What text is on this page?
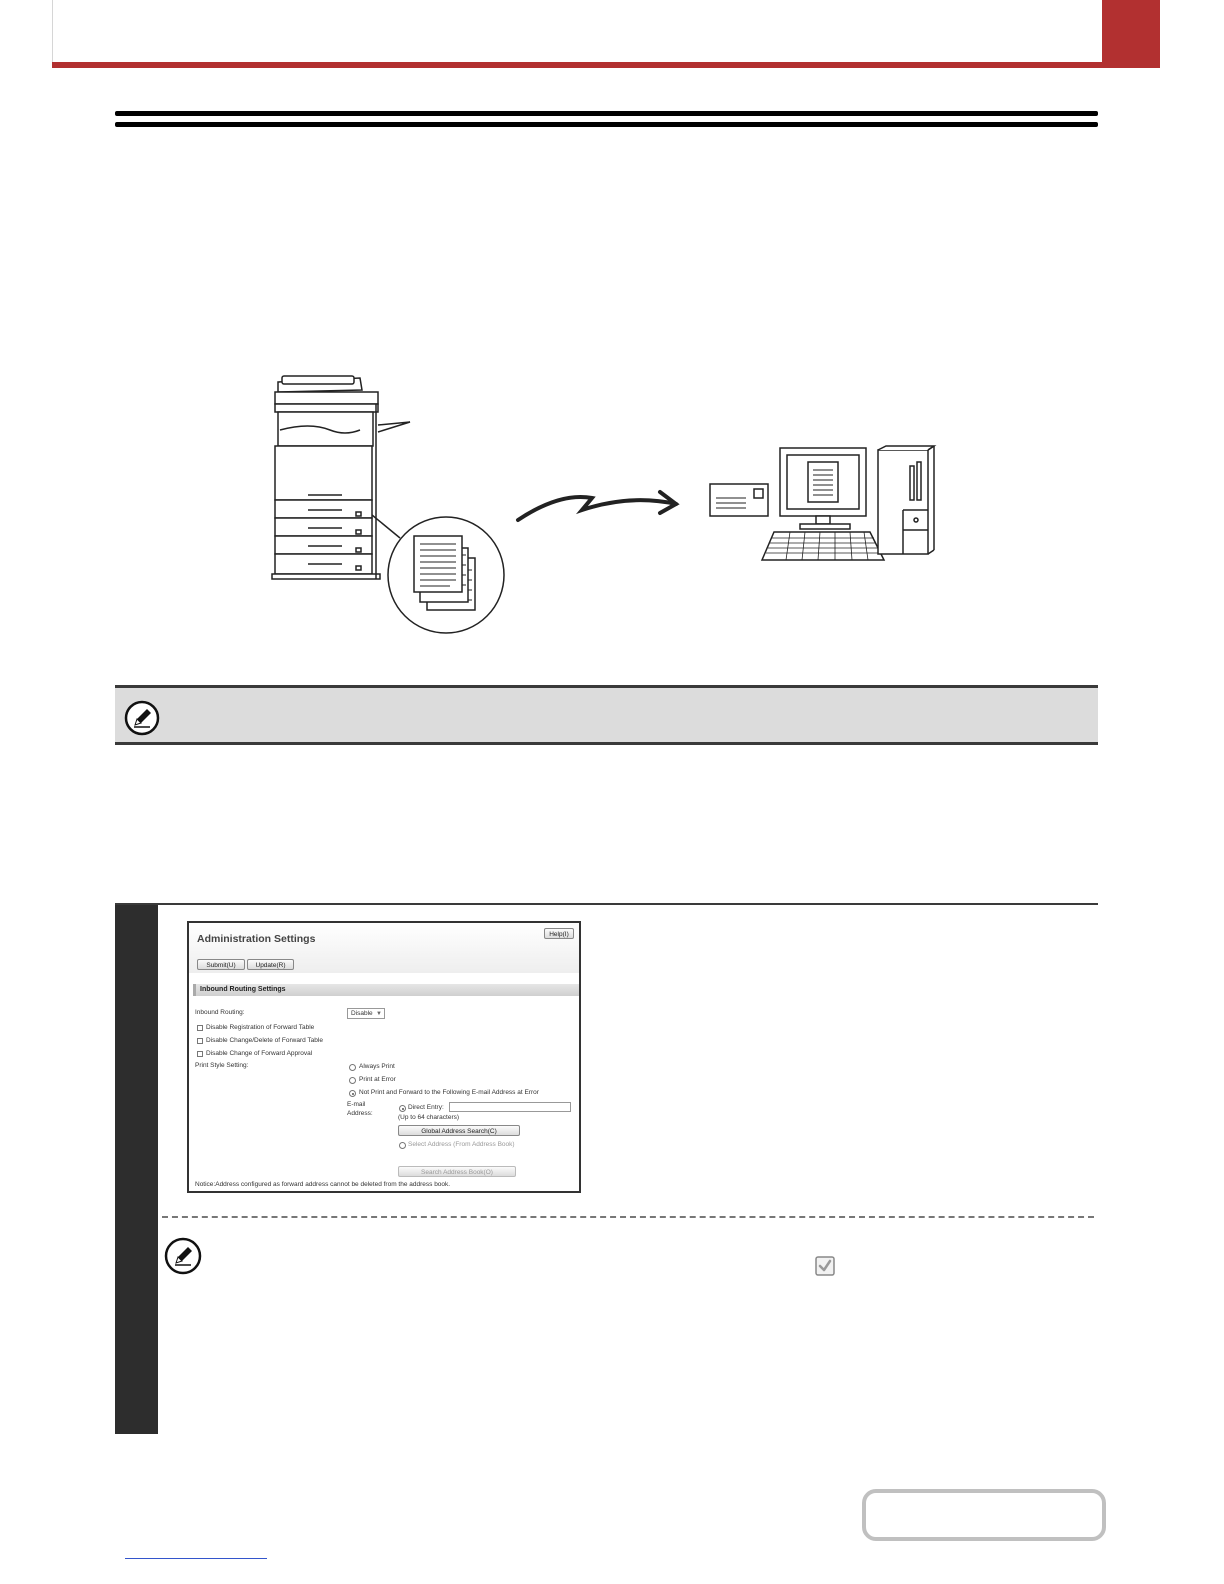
Administration Settings	Help(I)
Submit(U)	Update(R)
Inbound Routing Settings
Inbound Routing:	Disable ▼
Disable Registration of Forward Table
Disable Change/Delete of Forward Table
Disable Change of Forward Approval
Print Style Setting:	Always Print
Print at Error
Not Print and Forward to the Following E-mail Address at Error
E-mail
Address:
Direct Entry:
(Up to 64 characters)
Global Address Search(C)
Select Address (From Address Book)
Search Address Book(O)
Notice:Address configured as forward address cannot be deleted from the address book.
